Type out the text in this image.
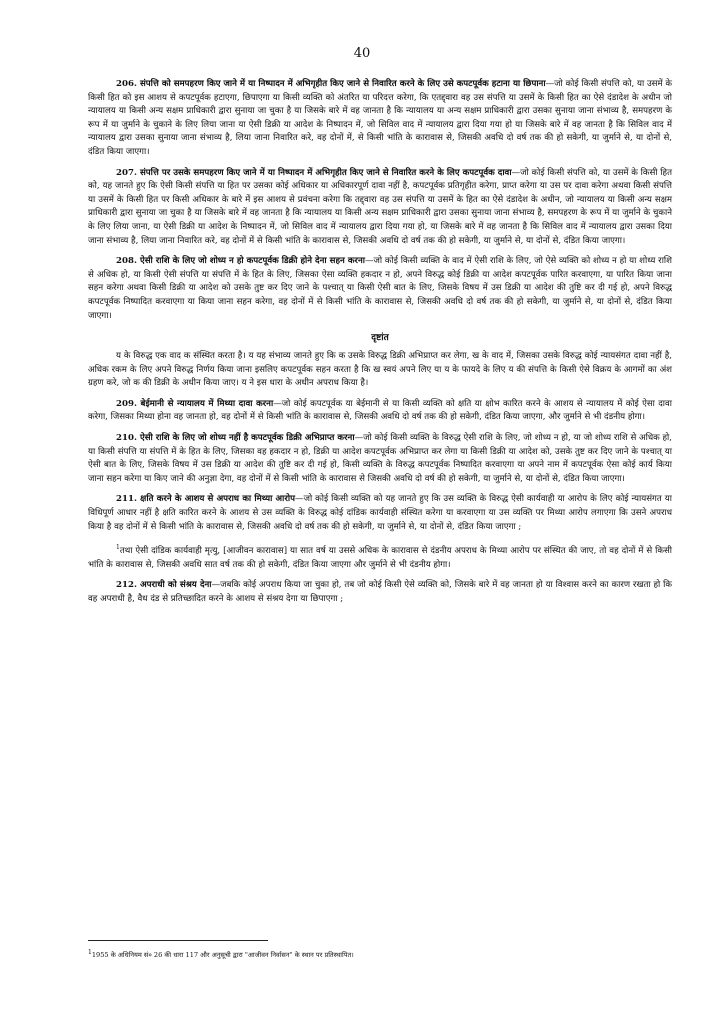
40

206. संपत्ति को समपहरण किए जाने में या निष्पादन में अभिगृहीत किए जाने से निवारित करने के लिए उसे कपटपूर्वक हटाना या छिपाना—जो कोई किसी संपत्ति को, या उसमें के किसी हित को इस आशय से कपटपूर्वक हटाएगा, छिपाएगा या किसी व्यक्ति को अंतरित या परिदत्त करेगा, कि एतद्द्वारा वह उस संपत्ति या उसमें के किसी हित का ऐसे दंडादेश के अधीन जो न्यायालय या किसी अन्य सक्षम प्राधिकारी द्वारा सुनाया जा चुका है या जिसके बारे में वह जानता है कि न्यायालय या अन्य सक्षम प्राधिकारी द्वारा उसका सुनाया जाना संभाव्य है, समपहरण के रूप में या जुर्माने के चुकाने के लिए लिया जाना या ऐसी डिक्री या आदेश के निष्पादन में, जो सिविल वाद में न्यायालय द्वारा दिया गया हो या जिसके बारे में वह जानता है कि सिविल वाद में न्यायालय द्वारा उसका सुनाया जाना संभाव्य है, लिया जाना निवारित करे, वह दोनों में, से किसी भांति के कारावास से, जिसकी अवधि दो वर्ष तक की हो सकेगी, या जुर्माने से, या दोनों से, दंडित किया जाएगा।

207. संपत्ति पर उसके समपहरण किए जाने में या निष्पादन में अभिगृहीत किए जाने से निवारित करने के लिए कपटपूर्वक दावा—जो कोई किसी संपत्ति को, या उसमें के किसी हित को, यह जानते हुए कि ऐसी किसी संपत्ति या हित पर उसका कोई अधिकार या अधिकारपूर्ण दावा नहीं है, कपटपूर्वक प्रतिगृहीत करेगा, प्राप्त करेगा या उस पर दावा करेगा अथवा किसी संपत्ति या उसमें के किसी हित पर किसी अधिकार के बारे में इस आशय से प्रवंचना करेगा कि तद्द्वारा वह उस संपत्ति या उसमें के हित का ऐसे दंडादेश के अधीन, जो न्यायालय या किसी अन्य सक्षम प्राधिकारी द्वारा सुनाया जा चुका है या जिसके बारे में वह जानता है कि न्यायालय या किसी अन्य सक्षम प्राधिकारी द्वारा उसका सुनाया जाना संभाव्य है, समपहरण के रूप में या जुर्माने के चुकाने के लिए लिया जाना, या ऐसी डिक्री या आदेश के निष्पादन में, जो सिविल वाद में न्यायालय द्वारा दिया गया हो, या जिसके बारे में वह जानता है कि सिविल वाद में न्यायालय द्वारा उसका दिया जाना संभाव्य है, लिया जाना निवारित करे, वह दोनों में से किसी भांति के कारावास से, जिसकी अवधि दो वर्ष तक की हो सकेगी, या जुर्माने से, या दोनों से, दंडित किया जाएगा।

208. ऐसी राशि के लिए जो शोध्य न हो कपटपूर्वक डिक्री होने देना सहन करना—जो कोई किसी व्यक्ति के वाद में ऐसी राशि के लिए, जो ऐसे व्यक्ति को शोध्य न हो या शोध्य राशि से अधिक हो, या किसी ऐसी संपत्ति या संपत्ति में के हित के लिए, जिसका ऐसा व्यक्ति हकदार न हो, अपने विरुद्ध कोई डिक्री या आदेश कपटपूर्वक पारित करवाएगा, या पारित किया जाना सहन करेगा अथवा किसी डिक्री या आदेश को उसके तुष्ट कर दिए जाने के पश्चात् या किसी ऐसी बात के लिए, जिसके विषय में उस डिक्री या आदेश की तुष्टि कर दी गई हो, अपने विरुद्ध कपटपूर्वक निष्पादित करवाएगा या किया जाना सहन करेगा, वह दोनों में से किसी भांति के कारावास से, जिसकी अवधि दो वर्ष तक की हो सकेगी, या जुर्माने से, या दोनों से, दंडित किया जाएगा।

दृष्टांत

य के विरुद्ध एक वाद क संस्थित करता है। य यह संभाव्य जानते हुए कि क उसके विरुद्ध डिक्री अभिप्राप्त कर लेगा, ख के वाद में, जिसका उसके विरुद्ध कोई न्यायसंगत दावा नहीं है, अधिक रकम के लिए अपने विरुद्ध निर्णय किया जाना इसलिए कपटपूर्वक सहन करता है कि ख स्वयं अपने लिए या य के फायदे के लिए य की संपत्ति के किसी ऐसे विक्रय के आगमों का अंश ग्रहण करे, जो क की डिक्री के अधीन किया जाए। य ने इस धारा के अधीन अपराध किया है।

209. बेईमानी से न्यायालय में मिथ्या दावा करना—जो कोई कपटपूर्वक या बेईमानी से या किसी व्यक्ति को क्षति या क्षोभ कारित करने के आशय से न्यायालय में कोई ऐसा दावा करेगा, जिसका मिथ्या होना वह जानता हो, वह दोनों में से किसी भांति के कारावास से, जिसकी अवधि दो वर्ष तक की हो सकेगी, दंडित किया जाएगा, और जुर्माने से भी दंडनीय होगा।

210. ऐसी राशि के लिए जो शोध्य नहीं है कपटपूर्वक डिक्री अभिप्राप्त करना—जो कोई किसी व्यक्ति के विरुद्ध ऐसी राशि के लिए, जो शोध्य न हो, या जो शोध्य राशि से अधिक हो, या किसी संपत्ति या संपत्ति में के हित के लिए, जिसका वह हकदार न हो, डिक्री या आदेश कपटपूर्वक अभिप्राप्त कर लेगा या किसी डिक्री या आदेश को, उसके तुष्ट कर दिए जाने के पश्चात् या ऐसी बात के लिए, जिसके विषय में उस डिक्री या आदेश की तुष्टि कर दी गई हो, किसी व्यक्ति के विरुद्ध कपटपूर्वक निष्पादित करवाएगा या अपने नाम में कपटपूर्वक ऐसा कोई कार्य किया जाना सहन करेगा या किए जाने की अनुज्ञा देगा, वह दोनों में से किसी भांति के कारावास से जिसकी अवधि दो वर्ष की हो सकेगी, या जुर्माने से, या दोनों से, दंडित किया जाएगा।

211. क्षति करने के आशय से अपराध का मिथ्या आरोप—जो कोई किसी व्यक्ति को यह जानते हुए कि उस व्यक्ति के विरुद्ध ऐसी कार्यवाही या आरोप के लिए कोई न्यायसंगत या विधिपूर्ण आधार नहीं है क्षति कारित करने के आशय से उस व्यक्ति के विरुद्ध कोई दांडिक कार्यवाही संस्थित करेगा या करवाएगा या उस व्यक्ति पर मिथ्या आरोप लगाएगा कि उसने अपराध किया है वह दोनों में से किसी भांति के कारावास से, जिसकी अवधि दो वर्ष तक की हो सकेगी, या जुर्माने से, या दोनों से, दंडित किया जाएगा ;

$^1$तथा ऐसी दांडिक कार्यवाही मृत्यु, [आजीवन कारावास] या सात वर्ष या उससे अधिक के कारावास से दंडनीय अपराध के मिथ्या आरोप पर संस्थित की जाए, तो वह दोनों में से किसी भांति के कारावास से, जिसकी अवधि सात वर्ष तक की हो सकेगी, दंडित किया जाएगा और जुर्माने से भी दंडनीय होगा।

212. अपराधी को संश्रय देना—जबकि कोई अपराध किया जा चुका हो, तब जो कोई किसी ऐसे व्यक्ति को, जिसके बारे में वह जानता हो या विश्वास करने का कारण रखता हो कि वह अपराधी है, वैध दंड से प्रतिच्छादित करने के आशय से संश्रय देगा या छिपाएगा ;

$^1$1955 के अधिनियम सं० 26 की धारा 117 और अनुसूची द्वारा "आजीवन निर्वासन" के स्थान पर प्रतिस्थापित।
